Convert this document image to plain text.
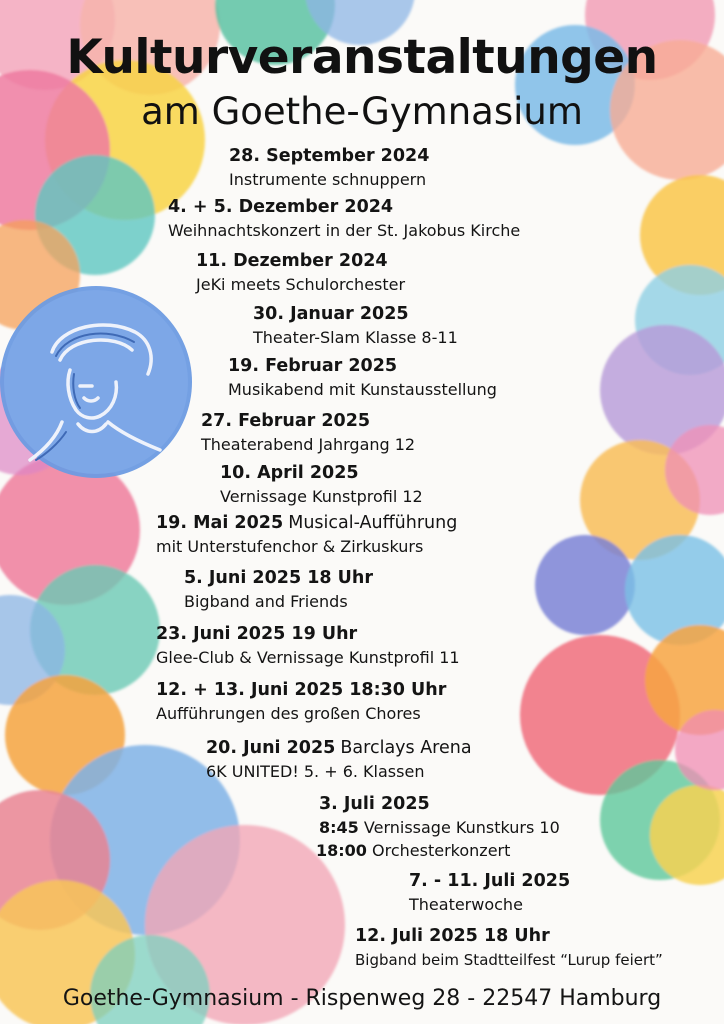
Kulturveranstaltungen
am Goethe-Gymnasium
28. September 2024
Instrumente schnuppern
4. + 5. Dezember 2024
Weihnachtskonzert in der St. Jakobus Kirche
11. Dezember 2024
JeKi meets Schulorchester
30. Januar 2025
Theater-Slam Klasse 8-11
19. Februar 2025
Musikabend mit Kunstausstellung
27. Februar 2025
Theaterabend Jahrgang 12
10. April 2025
Vernissage Kunstprofil 12
19. Mai 2025 Musical-Aufführung
mit Unterstufenchor & Zirkuskurs
5. Juni 2025 18 Uhr
Bigband and Friends
23. Juni 2025 19 Uhr
Glee-Club & Vernissage Kunstprofil 11
12. + 13. Juni 2025 18:30 Uhr
Aufführungen des großen Chores
20. Juni 2025 Barclays Arena
6K UNITED! 5. + 6. Klassen
3. Juli 2025
8:45 Vernissage Kunstkurs 10
18:00 Orchesterkonzert
7. - 11. Juli 2025
Theaterwoche
12. Juli 2025 18 Uhr
Bigband beim Stadtteilfest “Lurup feiert”

Goethe-Gymnasium - Rispenweg 28 - 22547 Hamburg
